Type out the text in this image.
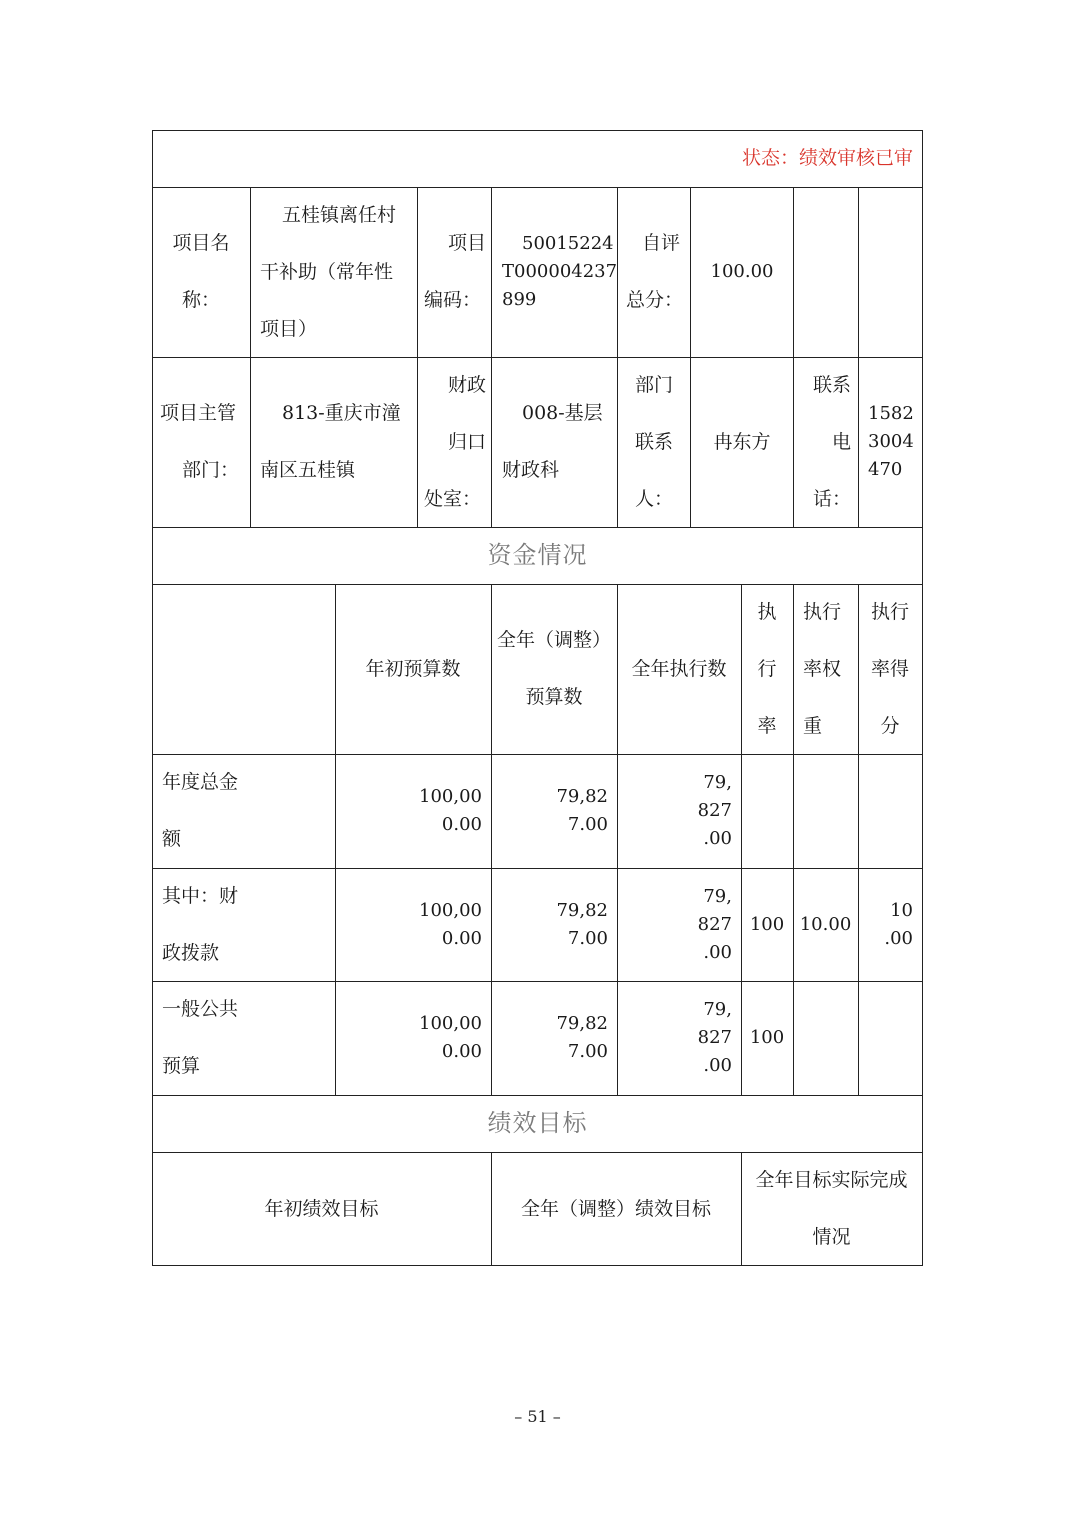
状态：绩效审核已审
项目名
称：
五桂镇离任村
干补助（常年性
项目）
项目
编码：
50015224
T000004237
899
自评
总分：
100.00
项目主管
部门：
813-重庆市潼
南区五桂镇
财政
归口
处室：
008-基层
财政科
部门
联系
人：
冉东方
联系
电
话：
1582
3004
470
资金情况
年初预算数
全年（调整）
预算数
全年执行数
执
行
率
执行
率权
重
执行
率得
分
年度总金
额
100,00
0.00
79,82
7.00
79,
827
.00
其中：财
政拨款
100,00
0.00
79,82
7.00
79,
827
.00
100 10.00
10
.00
一般公共
预算
100,00
0.00
79,82
7.00
79,
827
.00
100
绩效目标
年初绩效目标	全年（调整）绩效目标
全年目标实际完成
情况
– 51 –
